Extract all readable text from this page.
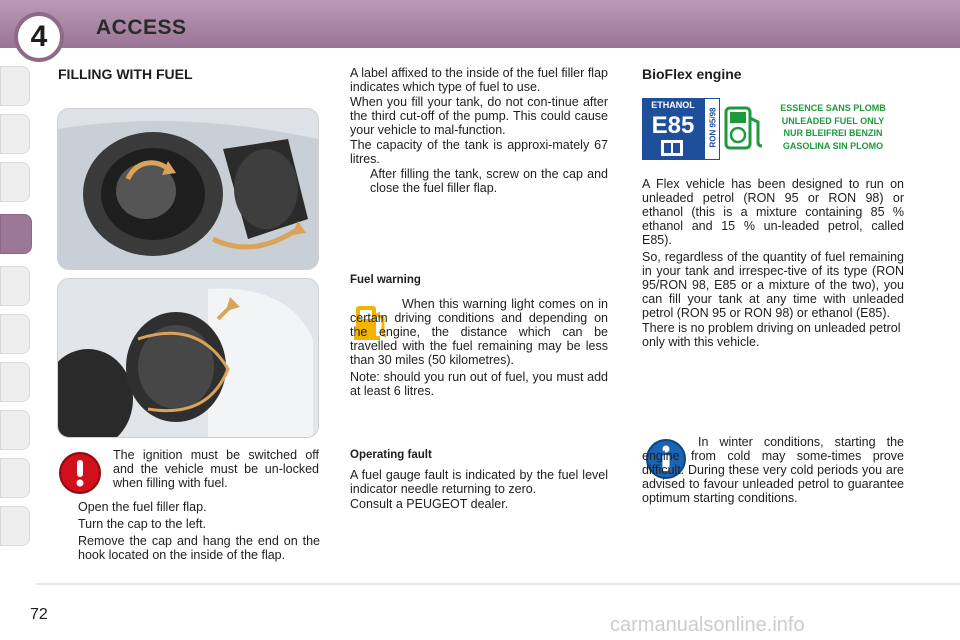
4	ACCESS
FILLING WITH FUEL
The ignition must be switched off and the vehicle must be un-locked when filling with fuel.

Open the fuel filler flap.

Turn the cap to the left.

Remove the cap and hang the end on the hook located on the inside of the flap.

A label affixed to the inside of the fuel filler flap indicates which type of fuel to use.

When you fill your tank, do not con-tinue after the third cut-off of the pump. This could cause your vehicle to mal-function.

The capacity of the tank is approxi-mately 67 litres.

After filling the tank, screw on the cap and close the fuel filler flap.

Fuel warning

When this warning light comes on in certain driving conditions and depending on the engine, the distance which can be travelled with the fuel remaining may be less than 30 miles (50 kilometres).

Note: should you run out of fuel, you must add at least 6 litres.

Operating fault

A fuel gauge fault is indicated by the fuel level indicator needle returning to zero.

Consult a PEUGEOT dealer.

BioFlex engine
ETHANOL
E85	RON 95/98	ESSENCE SANS PLOMB
UNLEADED FUEL ONLY
NUR BLEIFREI BENZIN
GASOLINA SIN PLOMO

A Flex vehicle has been designed to run on unleaded petrol (RON 95 or RON 98) or ethanol (this is a mixture containing 85 % ethanol and 15 % un-leaded petrol, called E85).

So, regardless of the quantity of fuel remaining in your tank and irrespec-tive of its type (RON 95/RON 98, E85 or a mixture of the two), you can fill your tank at any time with unleaded petrol (RON 95 or RON 98) or ethanol (E85).

There is no problem driving on unleaded petrol only with this vehicle.

In winter conditions, starting the engine from cold may some-times prove difficult. During these very cold periods you are advised to favour unleaded petrol to guarantee optimum starting conditions.

72	carmanualsonline.info
